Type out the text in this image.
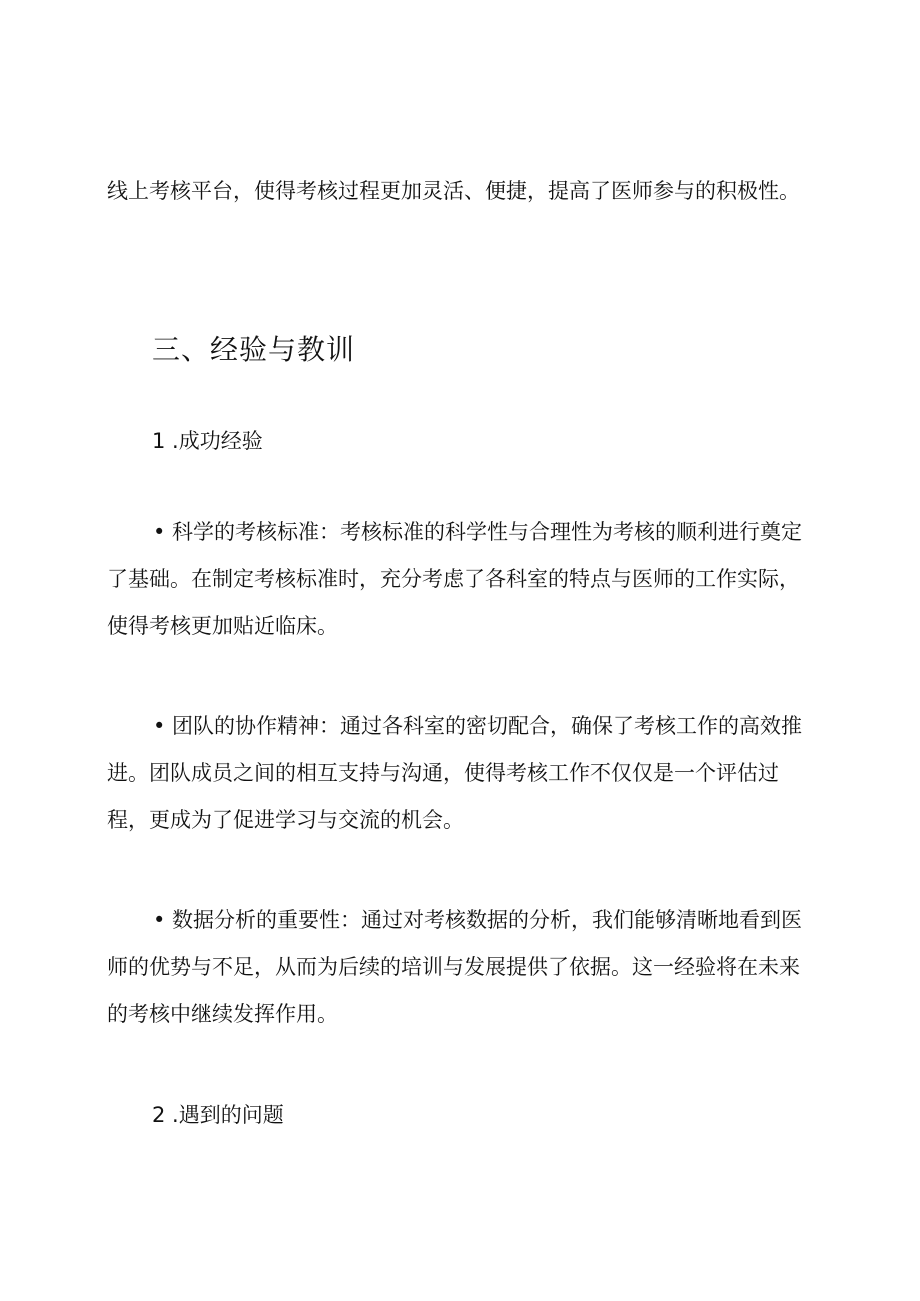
线上考核平台，使得考核过程更加灵活、便捷，提高了医师参与的积极性。

三、经验与教训
1 .成功经验

• 科学的考核标准：考核标准的科学性与合理性为考核的顺利进行奠定了基础。在制定考核标准时，充分考虑了各科室的特点与医师的工作实际，使得考核更加贴近临床。

• 团队的协作精神：通过各科室的密切配合，确保了考核工作的高效推进。团队成员之间的相互支持与沟通，使得考核工作不仅仅是一个评估过程，更成为了促进学习与交流的机会。

• 数据分析的重要性：通过对考核数据的分析，我们能够清晰地看到医师的优势与不足，从而为后续的培训与发展提供了依据。这一经验将在未来的考核中继续发挥作用。

2 .遇到的问题
